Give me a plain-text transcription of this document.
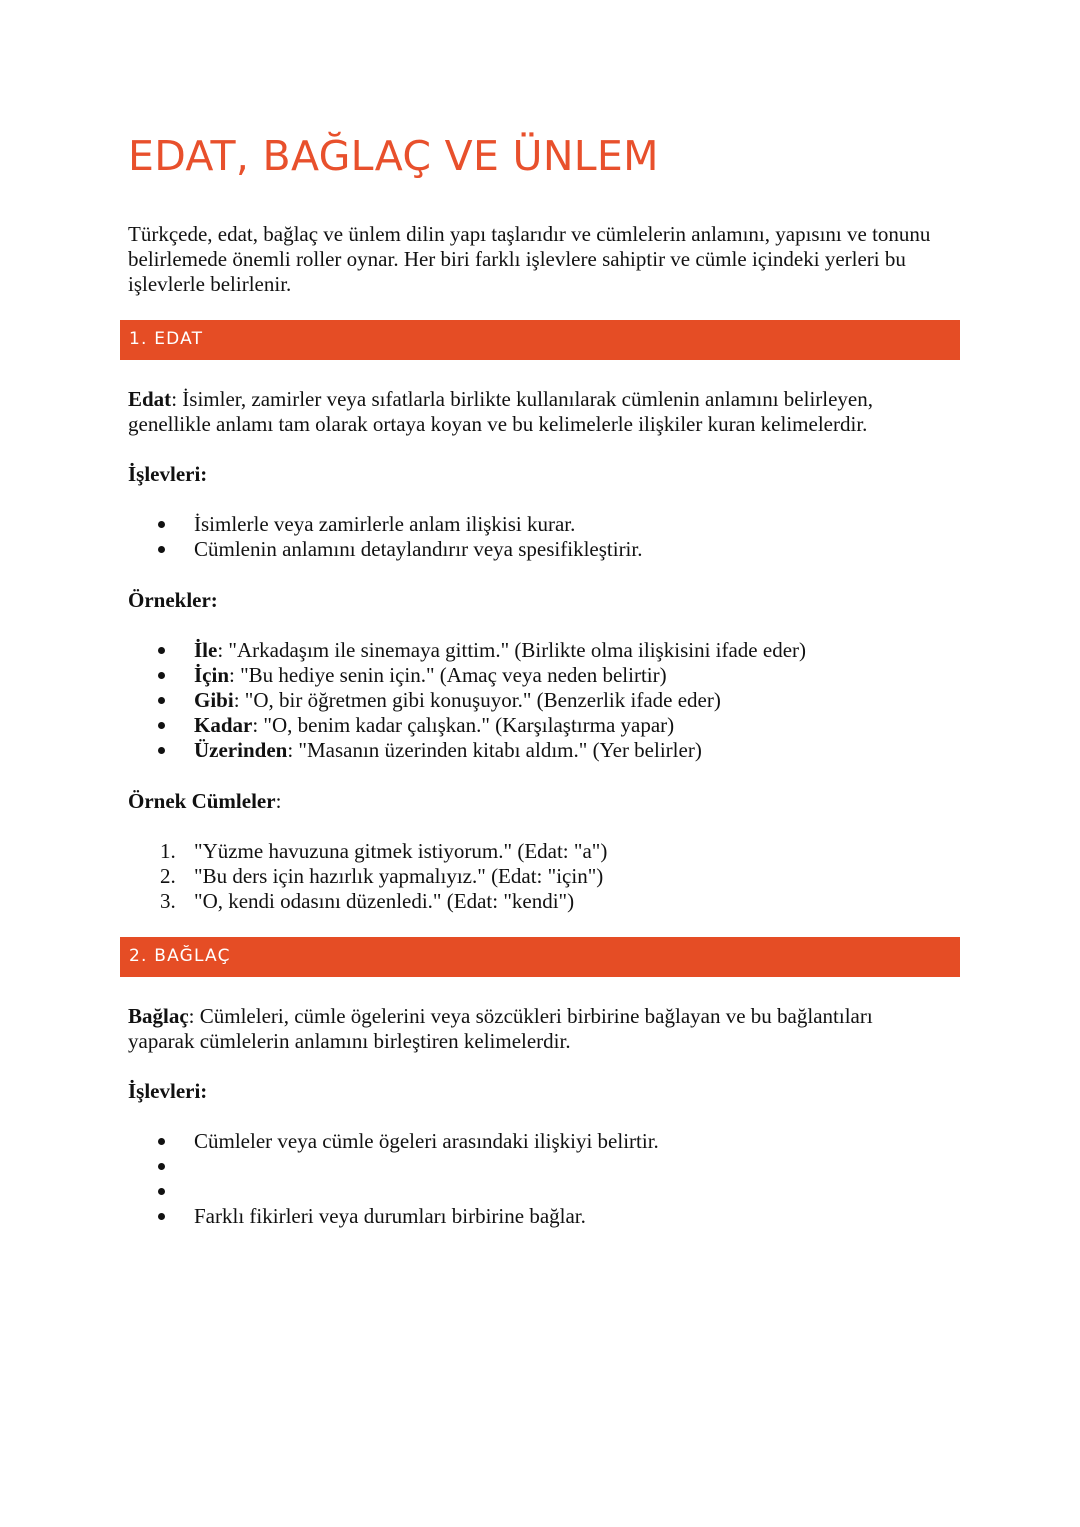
EDAT, BAĞLAÇ VE ÜNLEM

Türkçede, edat, bağlaç ve ünlem dilin yapı taşlarıdır ve cümlelerin anlamını, yapısını ve tonunu belirlemede önemli roller oynar. Her biri farklı işlevlere sahiptir ve cümle içindeki yerleri bu işlevlerle belirlenir.

1. EDAT

Edat: İsimler, zamirler veya sıfatlarla birlikte kullanılarak cümlenin anlamını belirleyen, genellikle anlamı tam olarak ortaya koyan ve bu kelimelerle ilişkiler kuran kelimelerdir.

İşlevleri:

İsimlerle veya zamirlerle anlam ilişkisi kurar.
Cümlenin anlamını detaylandırır veya spesifikleştirir.

Örnekler:

İle: "Arkadaşım ile sinemaya gittim." (Birlikte olma ilişkisini ifade eder)
İçin: "Bu hediye senin için." (Amaç veya neden belirtir)
Gibi: "O, bir öğretmen gibi konuşuyor." (Benzerlik ifade eder)
Kadar: "O, benim kadar çalışkan." (Karşılaştırma yapar)
Üzerinden: "Masanın üzerinden kitabı aldım." (Yer belirler)

Örnek Cümleler:

1. "Yüzme havuzuna gitmek istiyorum." (Edat: "a")
2. "Bu ders için hazırlık yapmalıyız." (Edat: "için")
3. "O, kendi odasını düzenledi." (Edat: "kendi")
2. BAĞLAÇ

Bağlaç: Cümleleri, cümle ögelerini veya sözcükleri birbirine bağlayan ve bu bağlantıları yaparak cümlelerin anlamını birleştiren kelimelerdir.

İşlevleri:

Cümleler veya cümle ögeleri arasındaki ilişkiyi belirtir.
Farklı fikirleri veya durumları birbirine bağlar.
